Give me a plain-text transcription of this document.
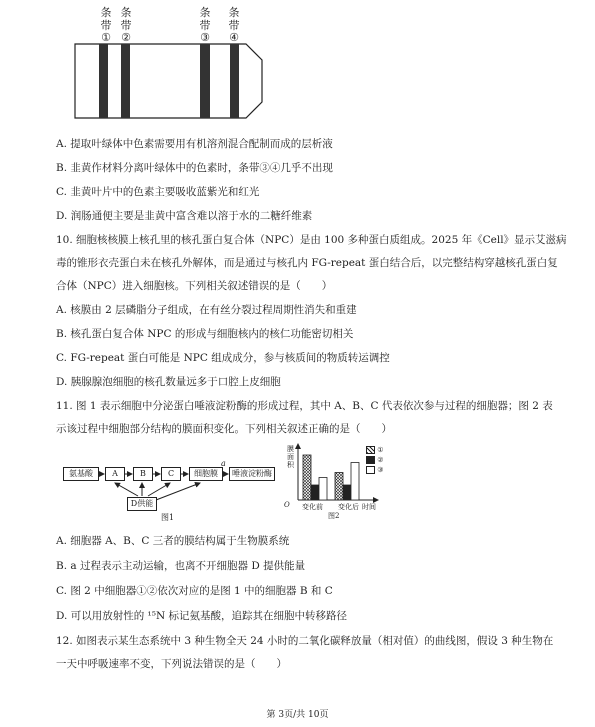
条带
①
条带
②
条带
③
条带
④
A. 提取叶绿体中色素需要用有机溶剂混合配制而成的层析液
B. 韭黄作材料分离叶绿体中的色素时，条带③④几乎不出现
C. 韭黄叶片中的色素主要吸收蓝紫光和红光
D. 润肠通便主要是韭黄中富含难以溶于水的二糖纤维素
10. 细胞核核膜上核孔里的核孔蛋白复合体（NPC）是由 100 多种蛋白质组成。2025 年《Cell》显示艾滋病
毒的锥形衣壳蛋白未在核孔外解体，而是通过与核孔内 FG-repeat 蛋白结合后，以完整结构穿越核孔蛋白复
合体（NPC）进入细胞核。下列相关叙述错误的是（　　）
A. 核膜由 2 层磷脂分子组成，在有丝分裂过程周期性消失和重建
B. 核孔蛋白复合体 NPC 的形成与细胞核内的核仁功能密切相关
C. FG-repeat 蛋白可能是 NPC 组成成分，参与核质间的物质转运调控
D. 胰腺腺泡细胞的核孔数量远多于口腔上皮细胞
11. 图 1 表示细胞中分泌蛋白唾液淀粉酶的形成过程，其中 A、B、C 代表依次参与过程的细胞器；图 2 表
示该过程中细胞部分结构的膜面积变化。下列相关叙述正确的是（　　）
氨基酸	A	B	C	细胞膜	唾液淀粉酶
a
D供能
图1
膜面积
O 变化前 变化后 时间
图2
①
②
③
A. 细胞器 A、B、C 三者的膜结构属于生物膜系统
B. a 过程表示主动运输，也离不开细胞器 D 提供能量
C. 图 2 中细胞器①②依次对应的是图 1 中的细胞器 B 和 C
D. 可以用放射性的 ¹⁵N 标记氨基酸，追踪其在细胞中转移路径
12. 如图表示某生态系统中 3 种生物全天 24 小时的二氧化碳释放量（相对值）的曲线图，假设 3 种生物在
一天中呼吸速率不变，下列说法错误的是（　　）
第 3页/共 10页
